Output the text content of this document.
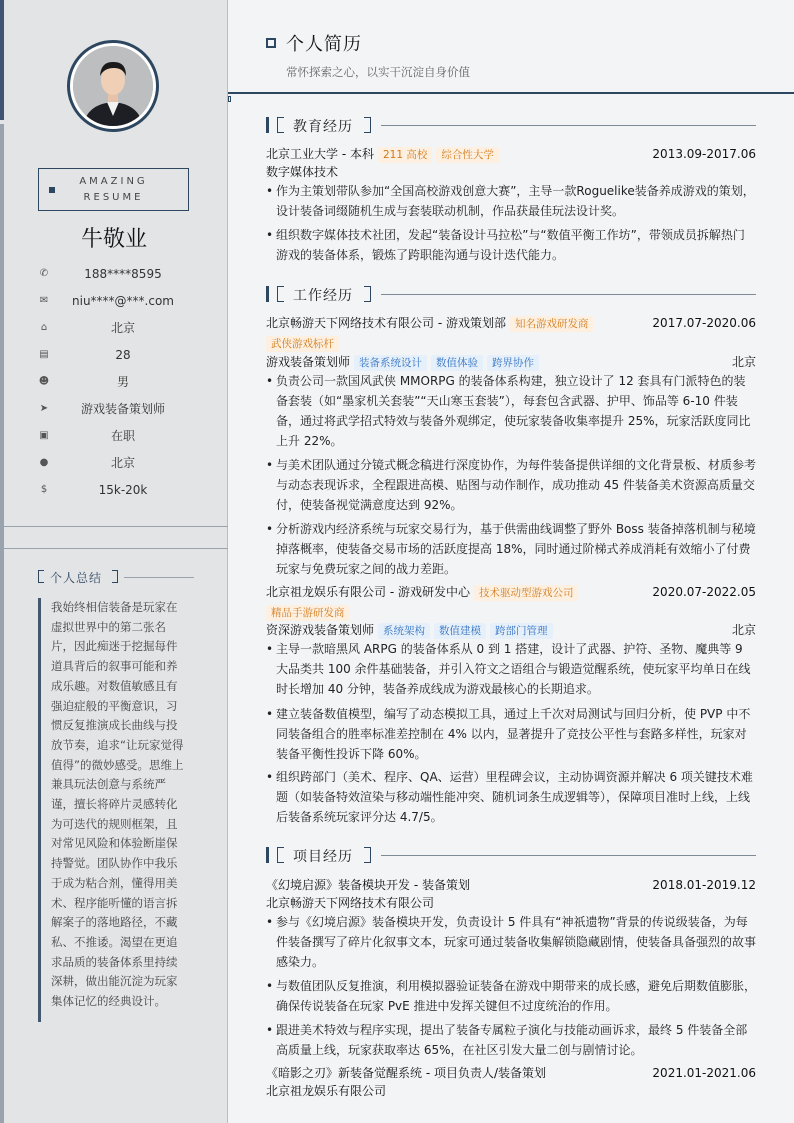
AMAZING RESUME
牛敬业
✆	188****8595
✉	niu****@***.com
⌂	北京
▤	28
☻	男
➤	游戏装备策划师
▣	在职
●	北京
$	15k-20k
个人总结
我始终相信装备是玩家在虚拟世界中的第二张名片，因此痴迷于挖掘每件道具背后的叙事可能和养成乐趣。对数值敏感且有强迫症般的平衡意识，习惯反复推演成长曲线与投放节奏，追求“让玩家觉得值得”的微妙感受。思维上兼具玩法创意与系统严谨，擅长将碎片灵感转化为可迭代的规则框架，且对常见风险和体验断崖保持警觉。团队协作中我乐于成为粘合剂，懂得用美术、程序能听懂的语言拆解案子的落地路径，不藏私、不推诿。渴望在更追求品质的装备体系里持续深耕，做出能沉淀为玩家集体记忆的经典设计。
个人简历
常怀探索之心，以实干沉淀自身价值
教育经历
北京工业大学 - 本科 211 高校 综合性大学	2013.09-2017.06
数字媒体技术
• 作为主策划带队参加“全国高校游戏创意大赛”，主导一款Roguelike装备养成游戏的策划，设计装备词缀随机生成与套装联动机制，作品获最佳玩法设计奖。
• 组织数字媒体技术社团，发起“装备设计马拉松”与“数值平衡工作坊”，带领成员拆解热门游戏的装备体系，锻炼了跨职能沟通与设计迭代能力。
工作经历
北京畅游天下网络技术有限公司 - 游戏策划部 知名游戏研发商	2017.07-2020.06
武侠游戏标杆
游戏装备策划师 装备系统设计 数值体验 跨界协作	北京
• 负责公司一款国风武侠 MMORPG 的装备体系构建，独立设计了 12 套具有门派特色的装备套装（如“墨家机关套装”“天山寒玉套装”），每套包含武器、护甲、饰品等 6-10 件装备，通过将武学招式特效与装备外观绑定，使玩家装备收集率提升 25%，玩家活跃度同比上升 22%。
• 与美术团队通过分镜式概念稿进行深度协作，为每件装备提供详细的文化背景板、材质参考与动态表现诉求，全程跟进高模、贴图与动作制作，成功推动 45 件装备美术资源高质量交付，使装备视觉满意度达到 92%。
• 分析游戏内经济系统与玩家交易行为，基于供需曲线调整了野外 Boss 装备掉落机制与秘境掉落概率，使装备交易市场的活跃度提高 18%，同时通过阶梯式养成消耗有效缩小了付费玩家与免费玩家之间的战力差距。
北京祖龙娱乐有限公司 - 游戏研发中心 技术驱动型游戏公司	2020.07-2022.05
精品手游研发商
资深游戏装备策划师 系统架构 数值建模 跨部门管理	北京
• 主导一款暗黑风 ARPG 的装备体系从 0 到 1 搭建，设计了武器、护符、圣物、魔典等 9 大品类共 100 余件基础装备，并引入符文之语组合与锻造觉醒系统，使玩家平均单日在线时长增加 40 分钟，装备养成线成为游戏最核心的长期追求。
• 建立装备数值模型，编写了动态模拟工具，通过上千次对局测试与回归分析，使 PVP 中不同装备组合的胜率标准差控制在 4% 以内，显著提升了竞技公平性与套路多样性，玩家对装备平衡性投诉下降 60%。
• 组织跨部门（美术、程序、QA、运营）里程碑会议，主动协调资源并解决 6 项关键技术难题（如装备特效渲染与移动端性能冲突、随机词条生成逻辑等），保障项目准时上线，上线后装备系统玩家评分达 4.7/5。
项目经历
《幻境启源》装备模块开发 - 装备策划	2018.01-2019.12
北京畅游天下网络技术有限公司
• 参与《幻境启源》装备模块开发，负责设计 5 件具有“神祇遗物”背景的传说级装备，为每件装备撰写了碎片化叙事文本，玩家可通过装备收集解锁隐藏剧情，使装备具备强烈的故事感染力。
• 与数值团队反复推演，利用模拟器验证装备在游戏中期带来的成长感，避免后期数值膨胀，确保传说装备在玩家 PvE 推进中发挥关键但不过度统治的作用。
• 跟进美术特效与程序实现，提出了装备专属粒子演化与技能动画诉求，最终 5 件装备全部高质量上线，玩家获取率达 65%，在社区引发大量二创与剧情讨论。
《暗影之刃》新装备觉醒系统 - 项目负责人/装备策划	2021.01-2021.06
北京祖龙娱乐有限公司
